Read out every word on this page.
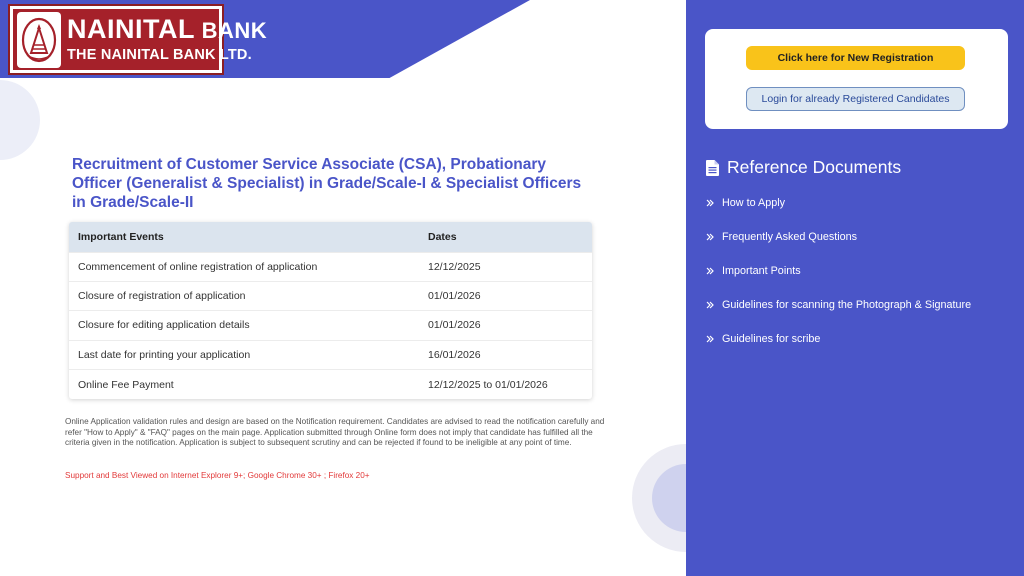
NAINITAL BANK
THE NAINITAL BANK LTD.
Recruitment of Customer Service Associate (CSA), Probationary Officer (Generalist & Specialist) in Grade/Scale-I & Specialist Officers in Grade/Scale-II
Important Events	Dates
Commencement of online registration of application	12/12/2025
Closure of registration of application	01/01/2026
Closure for editing application details	01/01/2026
Last date for printing your application	16/01/2026
Online Fee Payment	12/12/2025 to 01/01/2026

Online Application validation rules and design are based on the Notification requirement. Candidates are advised to read the notification carefully and refer "How to Apply" & "FAQ" pages on the main page. Application submitted through Online form does not imply that candidate has fulfilled all the criteria given in the notification. Application is subject to subsequent scrutiny and can be rejected if found to be ineligible at any point of time.

Support and Best Viewed on Internet Explorer 9+; Google Chrome 30+ ; Firefox 20+

Click here for New Registration
Login for already Registered Candidates
Reference Documents
How to Apply
Frequently Asked Questions
Important Points
Guidelines for scanning the Photograph & Signature
Guidelines for scribe
